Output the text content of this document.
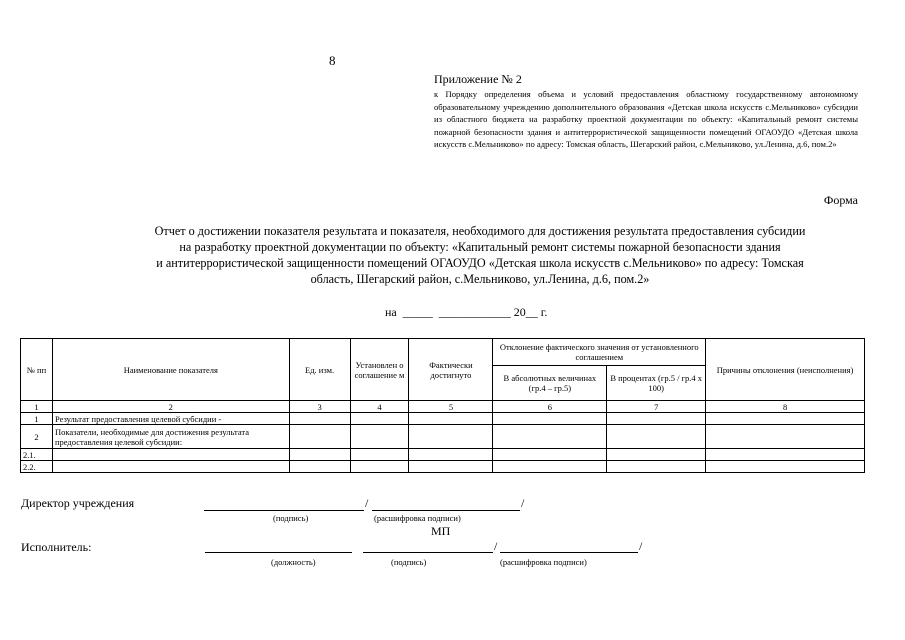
8
Приложение № 2
к Порядку определения объема и условий предоставления областному государственному автономному образовательному учреждению дополнительного образования «Детская школа искусств с.Мельниково» субсидии из областного бюджета на разработку проектной документации по объекту: «Капитальный ремонт системы пожарной безопасности здания и антитеррористической защищенности помещений ОГАОУДО «Детская школа искусств с.Мельниково» по адресу: Томская область, Шегарский район, с.Мельниково, ул.Ленина, д.6, пом.2»
Форма
Отчет о достижении показателя результата и показателя, необходимого для достижения результата предоставления субсидии
на разработку проектной документации по объекту: «Капитальный ремонт системы пожарной безопасности здания
и антитеррористической защищенности помещений ОГАОУДО «Детская школа искусств с.Мельниково» по адресу: Томская
область, Шегарский район, с.Мельниково, ул.Ленина, д.6, пом.2»
на  _____  ____________ 20__ г.
№ пп	Наименование показателя	Ед. изм.	Установлен о соглашение м	Фактически достигнуто	Отклонение фактического значения от установленного соглашением		Причины отклонения (неисполнения)
					В абсолютных величинах (гр.4 – гр.5)	В процентах (гр.5 / гр.4 х 100)	
1	2	3	4	5	6	7	8
1	Результат предоставления целевой субсидии -						
2	Показатели, необходимые для достижения результата предоставления целевой субсидии:						
2.1.							
2.2.							
Директор учреждения	/	/
(подпись)	(расшифровка подписи)
МП
Исполнитель:	/	/
(должность)	(подпись)	(расшифровка подписи)
